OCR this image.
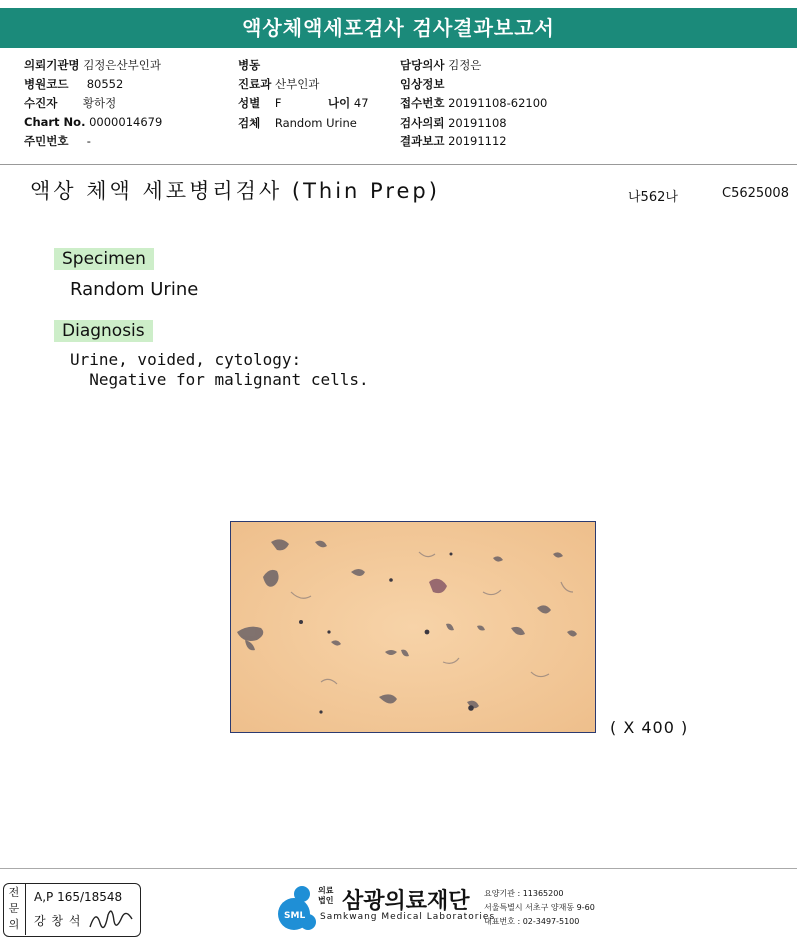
액상체액세포검사 검사결과보고서
의뢰기관명 김정은산부인과
병원코드 80552
수진자 황하정
Chart No. 0000014679
주민번호 -
병동
진료과 산부인과
성별 F	나이 47
검체 Random Urine
담당의사 김정은
임상정보
접수번호 20191108-62100
검사의뢰 20191108
결과보고 20191112
액상 체액 세포병리검사 (Thin Prep)	나562나	C5625008
Specimen
Random Urine
Diagnosis
Urine, voided, cytology:
Negative for malignant cells.
( X 400 )
전문의
A,P 165/18548
강 창 석	SML
의료
법인 삼광의료재단
Samkwang Medical Laboratories
요양기관 : 11365200
서울특별시 서초구 양재동 9-60
대표번호 : 02-3497-5100
